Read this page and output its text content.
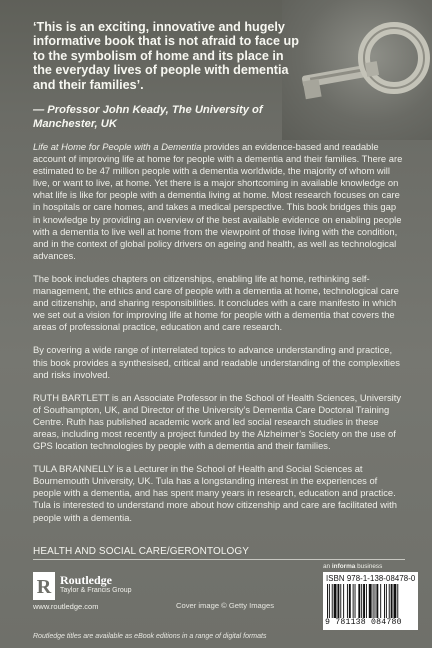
‘This is an exciting, innovative and hugely informative book that is not afraid to face up to the symbolism of home and its place in the everyday lives of people with dementia and their families’.
— Professor John Keady, The University of Manchester, UK

Life at Home for People with a Dementia provides an evidence-based and readable account of improving life at home for people with a dementia and their families. There are estimated to be 47 million people with a dementia worldwide, the majority of whom will live, or want to live, at home. Yet there is a major shortcoming in available knowledge on what life is like for people with a dementia living at home. Most research focuses on care in hospitals or care homes, and takes a medical perspective. This book bridges this gap in knowledge by providing an overview of the best available evidence on enabling people with a dementia to live well at home from the viewpoint of those living with the condition, and in the context of global policy drivers on ageing and health, as well as technological advances.

The book includes chapters on citizenships, enabling life at home, rethinking self-management, the ethics and care of people with a dementia at home, technological care and citizenship, and sharing responsibilities. It concludes with a care manifesto in which we set out a vision for improving life at home for people with a dementia that covers the areas of professional practice, education and care research.

By covering a wide range of interrelated topics to advance understanding and practice, this book provides a synthesised, critical and readable understanding of the complexities and risks involved.

RUTH BARTLETT is an Associate Professor in the School of Health Sciences, University of Southampton, UK, and Director of the University’s Dementia Care Doctoral Training Centre. Ruth has published academic work and led social research studies in these areas, including most recently a project funded by the Alzheimer’s Society on the use of GPS location technologies by people with a dementia and their families.

TULA BRANNELLY is a Lecturer in the School of Health and Social Sciences at Bournemouth University, UK. Tula has a longstanding interest in the experiences of people with a dementia, and has spent many years in research, education and practice. Tula is interested to understand more about how citizenship and care are facilitated with people with a dementia.

HEALTH AND SOCIAL CARE/GERONTOLOGY
R Routledge
Taylor & Francis Group
www.routledge.com	Cover image © Getty Images
an informa business
ISBN 978-1-138-08478-0
9 781138 084780
Routledge titles are available as eBook editions in a range of digital formats
